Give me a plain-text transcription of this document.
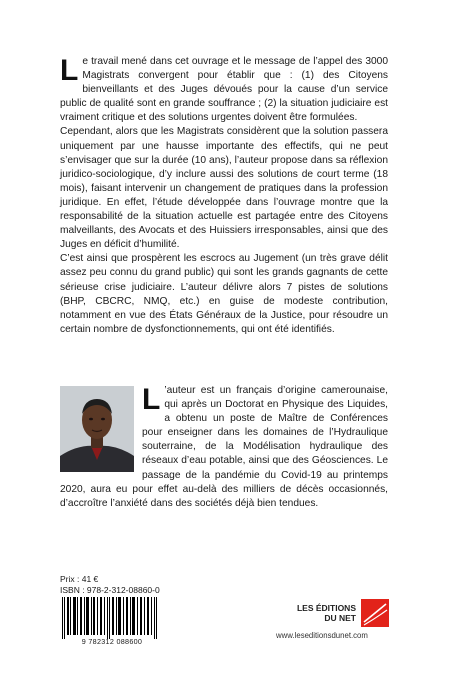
Le travail mené dans cet ouvrage et le message de l’appel des 3000 Magistrats convergent pour établir que : (1) des Citoyens bienveillants et des Juges dévoués pour la cause d’un service public de qualité sont en grande souffrance ; (2) la situation judiciaire est vraiment critique et des solutions urgentes doivent être formulées.

Cependant, alors que les Magistrats considèrent que la solution passera uniquement par une hausse importante des effectifs, qui ne peut s’envisager que sur la durée (10 ans), l’auteur propose dans sa réflexion juridico-sociologique, d’y inclure aussi des solutions de court terme (18 mois), faisant intervenir un changement de pratiques dans la profession juridique. En effet, l’étude développée dans l’ouvrage montre que la responsabilité de la situation actuelle est partagée entre des Citoyens malveillants, des Avocats et des Huissiers irresponsables, ainsi que des Juges en déficit d’humilité.

C’est ainsi que prospèrent les escrocs au Jugement (un très grave délit assez peu connu du grand public) qui sont les grands gagnants de cette sérieuse crise judiciaire. L’auteur délivre alors 7 pistes de solutions (BHP, CBCRC, NMQ, etc.) en guise de modeste contribution, notamment en vue des États Généraux de la Justice, pour résoudre un certain nombre de dysfonctionnements, qui ont été identifiés.

L ’auteur est un français d’origine camerounaise, qui après un Doctorat en Physique des Liquides, a obtenu un poste de Maître de Conférences pour enseigner dans les domaines de l’Hydraulique souterraine, de la Modélisation hydraulique des réseaux d’eau potable, ainsi que des Géosciences. Le passage de la pandémie du Covid-19 au printemps 2020, aura eu pour effet au-delà des milliers de décès occasionnés, d’accroître l’anxiété dans des sociétés déjà bien tendues.

Prix : 41 €
ISBN : 978-2-312-08860-0
9 782312 088600
LES ÉDITIONS
DU NET
www.leseditionsdunet.com
